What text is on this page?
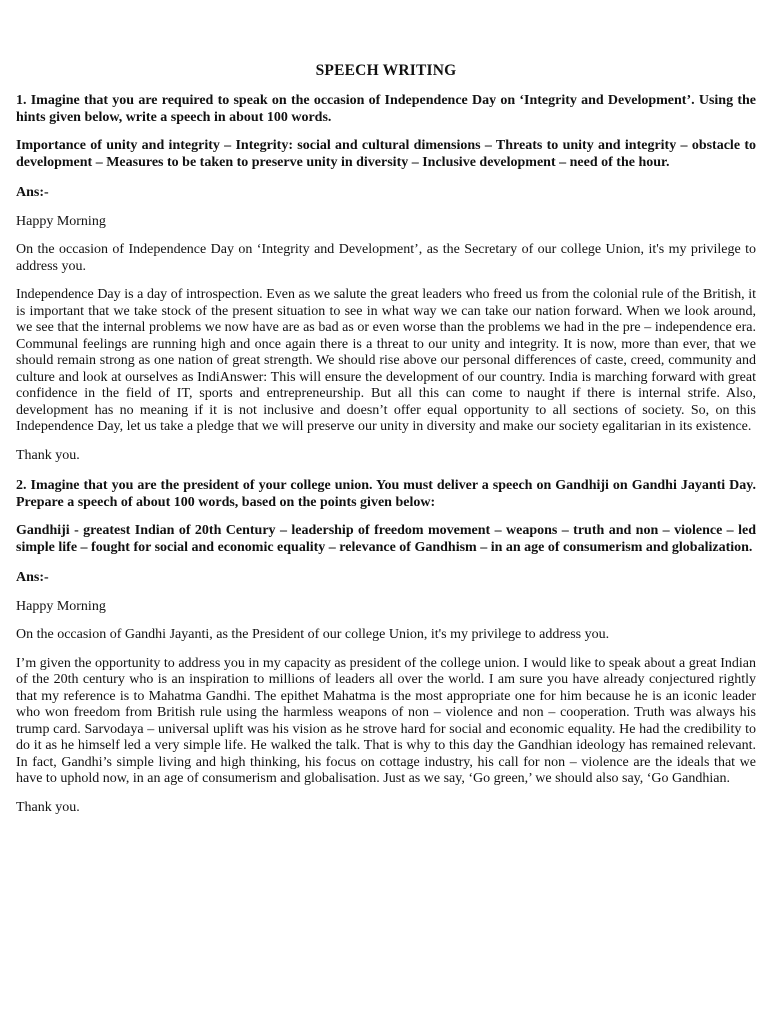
SPEECH WRITING

1. Imagine that you are required to speak on the occasion of Independence Day on ‘Integrity and Development’. Using the hints given below, write a speech in about 100 words.

Importance of unity and integrity – Integrity: social and cultural dimensions – Threats to unity and integrity – obstacle to development – Measures to be taken to preserve unity in diversity – Inclusive development – need of the hour.

Ans:-

Happy Morning

On the occasion of Independence Day on ‘Integrity and Development’, as the Secretary of our college Union, it's my privilege to address you.

Independence Day is a day of introspection. Even as we salute the great leaders who freed us from the colonial rule of the British, it is important that we take stock of the present situation to see in what way we can take our nation forward. When we look around, we see that the internal problems we now have are as bad as or even worse than the problems we had in the pre – independence era. Communal feelings are running high and once again there is a threat to our unity and integrity. It is now, more than ever, that we should remain strong as one nation of great strength. We should rise above our personal differences of caste, creed, community and culture and look at ourselves as IndiAnswer: This will ensure the development of our country. India is marching forward with great confidence in the field of IT, sports and entrepreneurship. But all this can come to naught if there is internal strife. Also, development has no meaning if it is not inclusive and doesn’t offer equal opportunity to all sections of society. So, on this Independence Day, let us take a pledge that we will preserve our unity in diversity and make our society egalitarian in its existence.

Thank you.

2. Imagine that you are the president of your college union. You must deliver a speech on Gandhiji on Gandhi Jayanti Day. Prepare a speech of about 100 words, based on the points given below:

Gandhiji - greatest Indian of 20th Century – leadership of freedom movement – weapons – truth and non – violence – led simple life – fought for social and economic equality – relevance of Gandhism – in an age of consumerism and globalization.

Ans:-

Happy Morning

On the occasion of Gandhi Jayanti, as the President of our college Union, it's my privilege to address you.

I’m given the opportunity to address you in my capacity as president of the college union. I would like to speak about a great Indian of the 20th century who is an inspiration to millions of leaders all over the world. I am sure you have already conjectured rightly that my reference is to Mahatma Gandhi. The epithet Mahatma is the most appropriate one for him because he is an iconic leader who won freedom from British rule using the harmless weapons of non – violence and non – cooperation. Truth was always his trump card. Sarvodaya – universal uplift was his vision as he strove hard for social and economic equality. He had the credibility to do it as he himself led a very simple life. He walked the talk. That is why to this day the Gandhian ideology has remained relevant. In fact, Gandhi’s simple living and high thinking, his focus on cottage industry, his call for non – violence are the ideals that we have to uphold now, in an age of consumerism and globalisation. Just as we say, ‘Go green,’ we should also say, ‘Go Gandhian.

Thank you.
